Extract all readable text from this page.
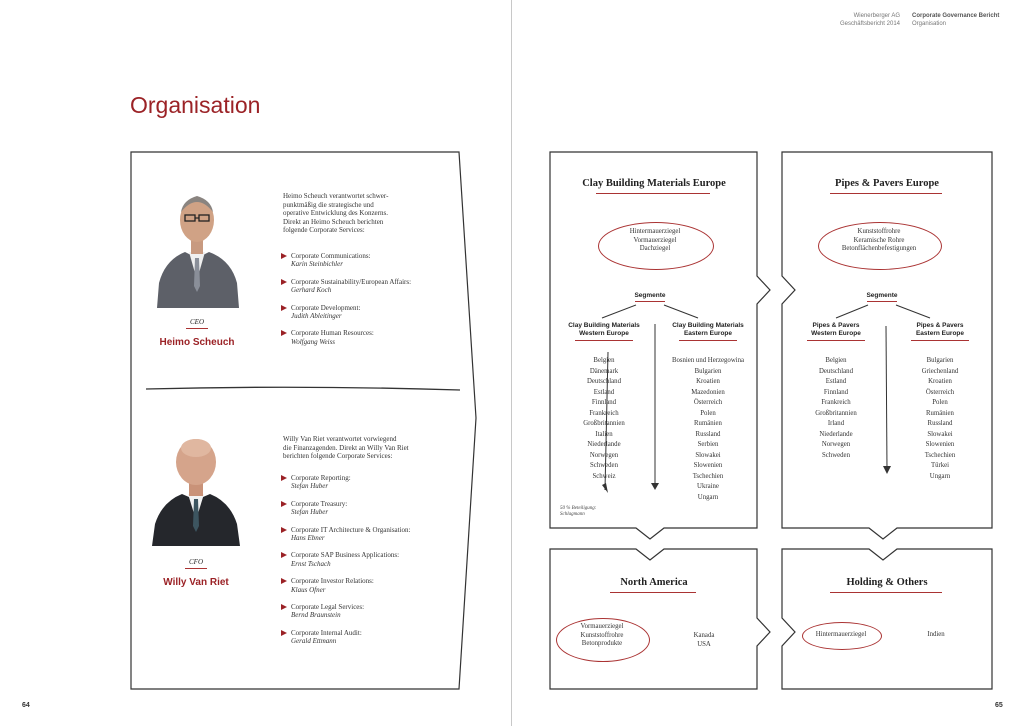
Organisation
64
CEO
Heimo Scheuch
Heimo Scheuch verantwortet schwer-
punktmäßig die strategische und
operative Entwicklung des Konzerns.
Direkt an Heimo Scheuch berichten
folgende Corporate Services:
Corporate Communications:
Karin Steinbichler
Corporate Sustainability/European Affairs:
Gerhard Koch
Corporate Development:
Judith Ableitinger
Corporate Human Resources:
Wolfgang Weiss
CFO
Willy Van Riet
Willy Van Riet verantwortet vorwiegend
die Finanzagenden. Direkt an Willy Van Riet
berichten folgende Corporate Services:
Corporate Reporting:
Stefan Huber
Corporate Treasury:
Stefan Huber
Corporate IT Architecture & Organisation:
Hans Ebner
Corporate SAP Business Applications:
Ernst Tschach
Corporate Investor Relations:
Klaus Ofner
Corporate Legal Services:
Bernd Braunstein
Corporate Internal Audit:
Gerald Ettmann
Wienerberger AG
Geschäftsbericht 2014
Corporate Governance Bericht
Organisation
65
Clay Building Materials Europe
Hintermauerziegel
Vormauerziegel
Dachziegel
Segmente
Clay Building Materials
Western Europe
Clay Building Materials
Eastern Europe
Belgien
Dänemark
Deutschland
Estland
Finnland
Frankreich
Großbritannien
Italien
Niederlande
Norwegen
Schweden
Schweiz
Bosnien und Herzegowina
Bulgarien
Kroatien
Mazedonien
Österreich
Polen
Rumänien
Russland
Serbien
Slowakei
Slowenien
Tschechien
Ukraine
Ungarn
50 % Beteiligung:
Schlagmann
Pipes & Pavers Europe
Kunststoffrohre
Keramische Rohre
Betonflächenbefestigungen
Segmente
Pipes & Pavers
Western Europe
Pipes & Pavers
Eastern Europe
Belgien
Deutschland
Estland
Finnland
Frankreich
Großbritannien
Irland
Niederlande
Norwegen
Schweden
Bulgarien
Griechenland
Kroatien
Österreich
Polen
Rumänien
Russland
Slowakei
Slowenien
Tschechien
Türkei
Ungarn
North America
Vormauerziegel
Kunststoffrohre
Betonprodukte
Kanada
USA
Holding & Others
Hintermauerziegel	Indien
